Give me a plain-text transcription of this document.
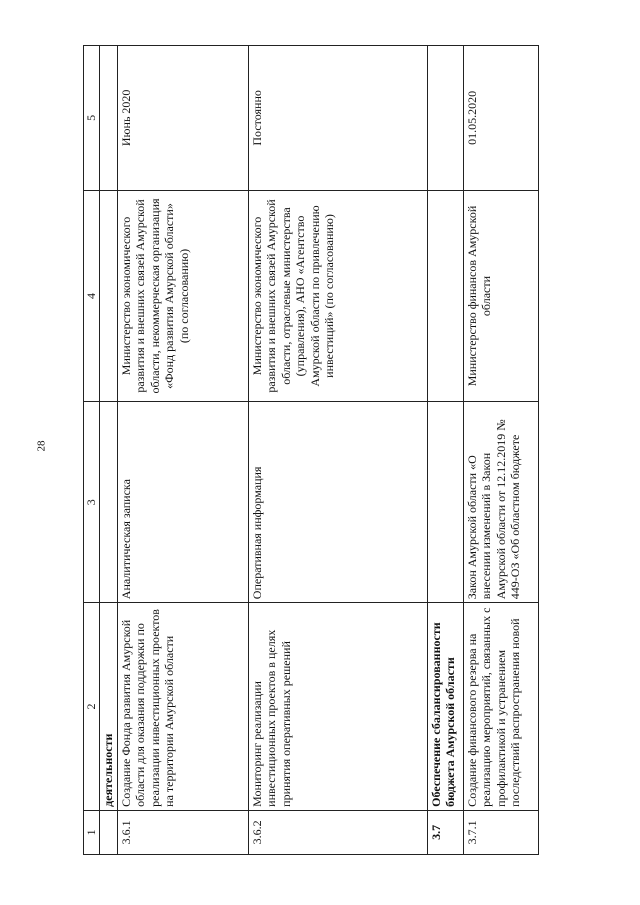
28
1	2	3	4	5
	деятельности			
3.6.1	Создание Фонда развития Амурской области для оказания поддержки по реализации инвестиционных проектов на территории Амурской области	Аналитическая записка	Министерство экономического развития и внешних связей Амурской области, некоммерческая организация «Фонд развития Амурской области» (по согласованию)	Июнь 2020
3.6.2	Мониторинг реализации инвестиционных проектов в целях принятия оперативных решений	Оперативная информация	Министерство экономического развития и внешних связей Амурской области, отраслевые министерства (управления), АНО «Агентство Амурской области по привлечению инвестиций» (по согласованию)	Постоянно
3.7	Обеспечение сбалансированности бюджета Амурской области			
3.7.1	Создание финансового резерва на реализацию мероприятий, связанных с профилактикой и устранением последствий распространения новой	Закон Амурской области «О внесении изменений в Закон Амурской области от 12.12.2019 № 449-ОЗ «Об областном бюджете	Министерство финансов Амурской области	01.05.2020
